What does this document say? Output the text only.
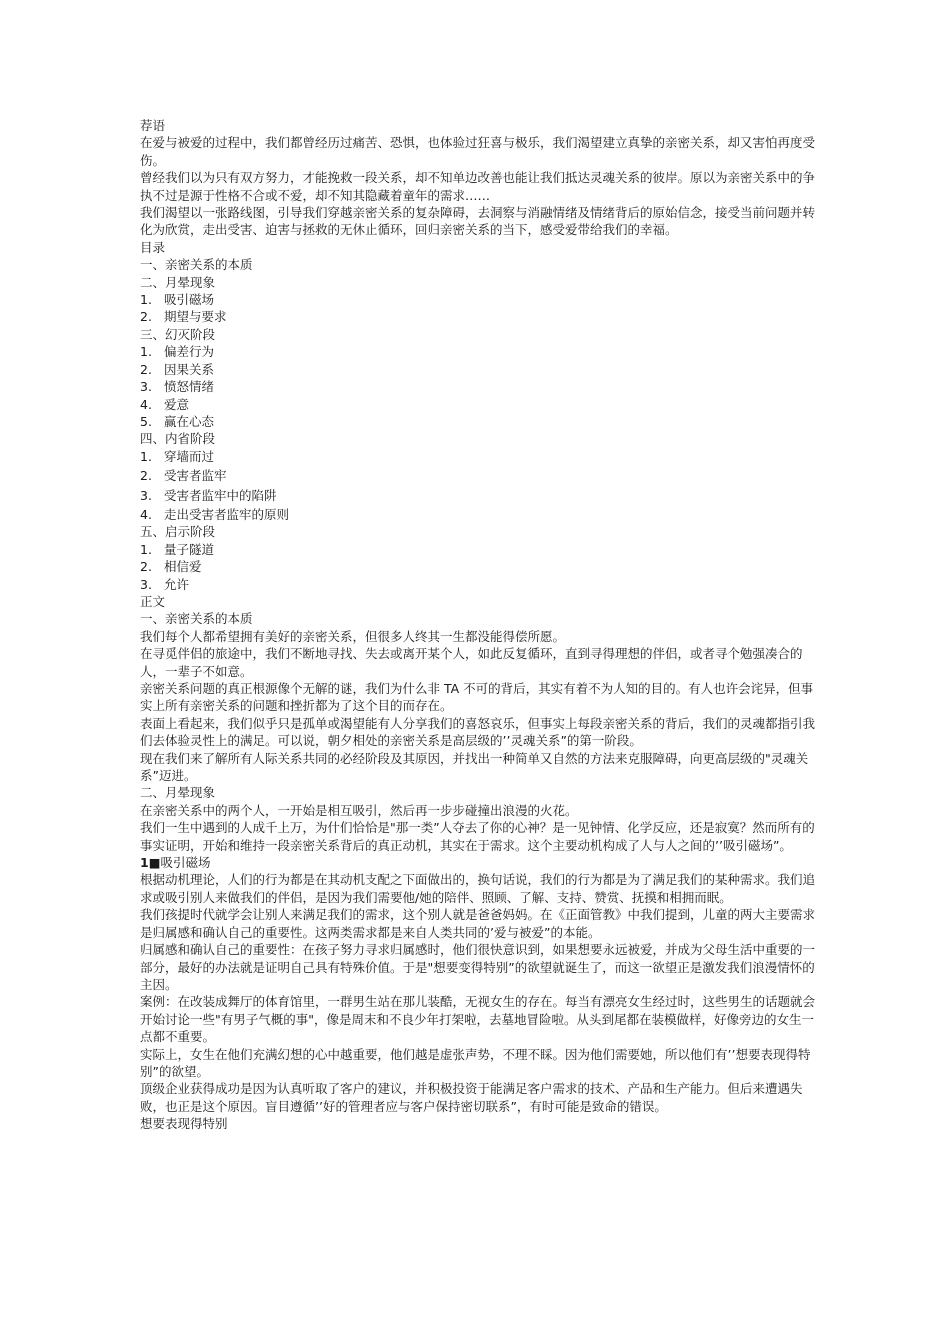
荐语

在爱与被爱的过程中，我们都曾经历过痛苦、恐惧，也体验过狂喜与极乐，我们渴望建立真挚的亲密关系，却又害怕再度受伤。

曾经我们以为只有双方努力，才能挽救一段关系，却不知单边改善也能让我们抵达灵魂关系的彼岸。原以为亲密关系中的争执不过是源于性格不合或不爱，却不知其隐藏着童年的需求……

我们渴望以一张路线图，引导我们穿越亲密关系的复杂障碍，去洞察与消融情绪及情绪背后的原始信念，接受当前问题并转化为欣赏，走出受害、迫害与拯救的无休止循环，回归亲密关系的当下，感受爱带给我们的幸福。

目录

一、亲密关系的本质

二、月晕现象

1. 吸引磁场

2. 期望与要求

三、幻灭阶段

1. 偏差行为

2. 因果关系

3. 愤怒情绪

4. 爱意

5. 赢在心态

四、内省阶段

1. 穿墙而过

2. 受害者监牢

3. 受害者监牢中的陷阱

4. 走出受害者监牢的原则

五、启示阶段

1. 量子隧道

2. 相信爱

3. 允许

正文

一、亲密关系的本质

我们每个人都希望拥有美好的亲密关系，但很多人终其一生都没能得偿所愿。

在寻觅伴侣的旅途中，我们不断地寻找、失去或离开某个人，如此反复循环，直到寻得理想的伴侣，或者寻个勉强凑合的人，一辈子不如意。

亲密关系问题的真正根源像个无解的谜，我们为什么非 TA 不可的背后，其实有着不为人知的目的。有人也许会诧异，但事实上所有亲密关系的问题和挫折都为了这个目的而存在。

表面上看起来，我们似乎只是孤单或渴望能有人分享我们的喜怒哀乐，但事实上每段亲密关系的背后，我们的灵魂都指引我们去体验灵性上的满足。可以说，朝夕相处的亲密关系是高层级的’’灵魂关系”的第一阶段。

现在我们来了解所有人际关系共同的必经阶段及其原因，并找出一种简单又自然的方法来克服障碍，向更高层级的"灵魂关系”迈进。

二、月晕现象

在亲密关系中的两个人，一开始是相互吸引，然后再一步步碰撞出浪漫的火花。

我们一生中遇到的人成千上万，为什们恰恰是"那一类”人夺去了你的心神？是一见钟情、化学反应，还是寂寞？然而所有的事实证明，开始和维持一段亲密关系背后的真正动机，其实在于需求。这个主要动机构成了人与人之间的’’吸引磁场”。

1■吸引磁场

根据动机理论，人们的行为都是在其动机支配之下面做出的，换句话说，我们的行为都是为了满足我们的某种需求。我们追求或吸引别人来做我们的伴侣，是因为我们需要他/她的陪伴、照顾、了解、支持、赞赏、抚摸和相拥而眠。

我们孩提时代就学会让别人来满足我们的需求，这个别人就是爸爸妈妈。在《正面管教》中我们提到，儿童的两大主要需求是归属感和确认自己的重要性。这两类需求都是来自人类共同的’爱与被爱”的本能。

归属感和确认自己的重要性：在孩子努力寻求归属感时，他们很快意识到，如果想要永远被爱，并成为父母生活中重要的一部分，最好的办法就是证明自己具有特殊价值。于是"想要变得特别”的欲望就诞生了，而这一欲望正是激发我们浪漫情怀的主因。

案例：在改装成舞厅的体育馆里，一群男生站在那儿装酷，无视女生的存在。每当有漂亮女生经过时，这些男生的话题就会开始讨论一些"有男子气概的事"，像是周末和不良少年打架啦，去墓地冒险啦。从头到尾都在装模做样，好像旁边的女生一点都不重要。

实际上，女生在他们充满幻想的心中越重要，他们越是虚张声势，不理不睬。因为他们需要她，所以他们有’’想要表现得特别”的欲望。

顶级企业获得成功是因为认真听取了客户的建议，并积极投资于能满足客户需求的技术、产品和生产能力。但后来遭遇失败，也正是这个原因。盲目遵循’’好的管理者应与客户保持密切联系”，有时可能是致命的错误。

想要表现得特别
